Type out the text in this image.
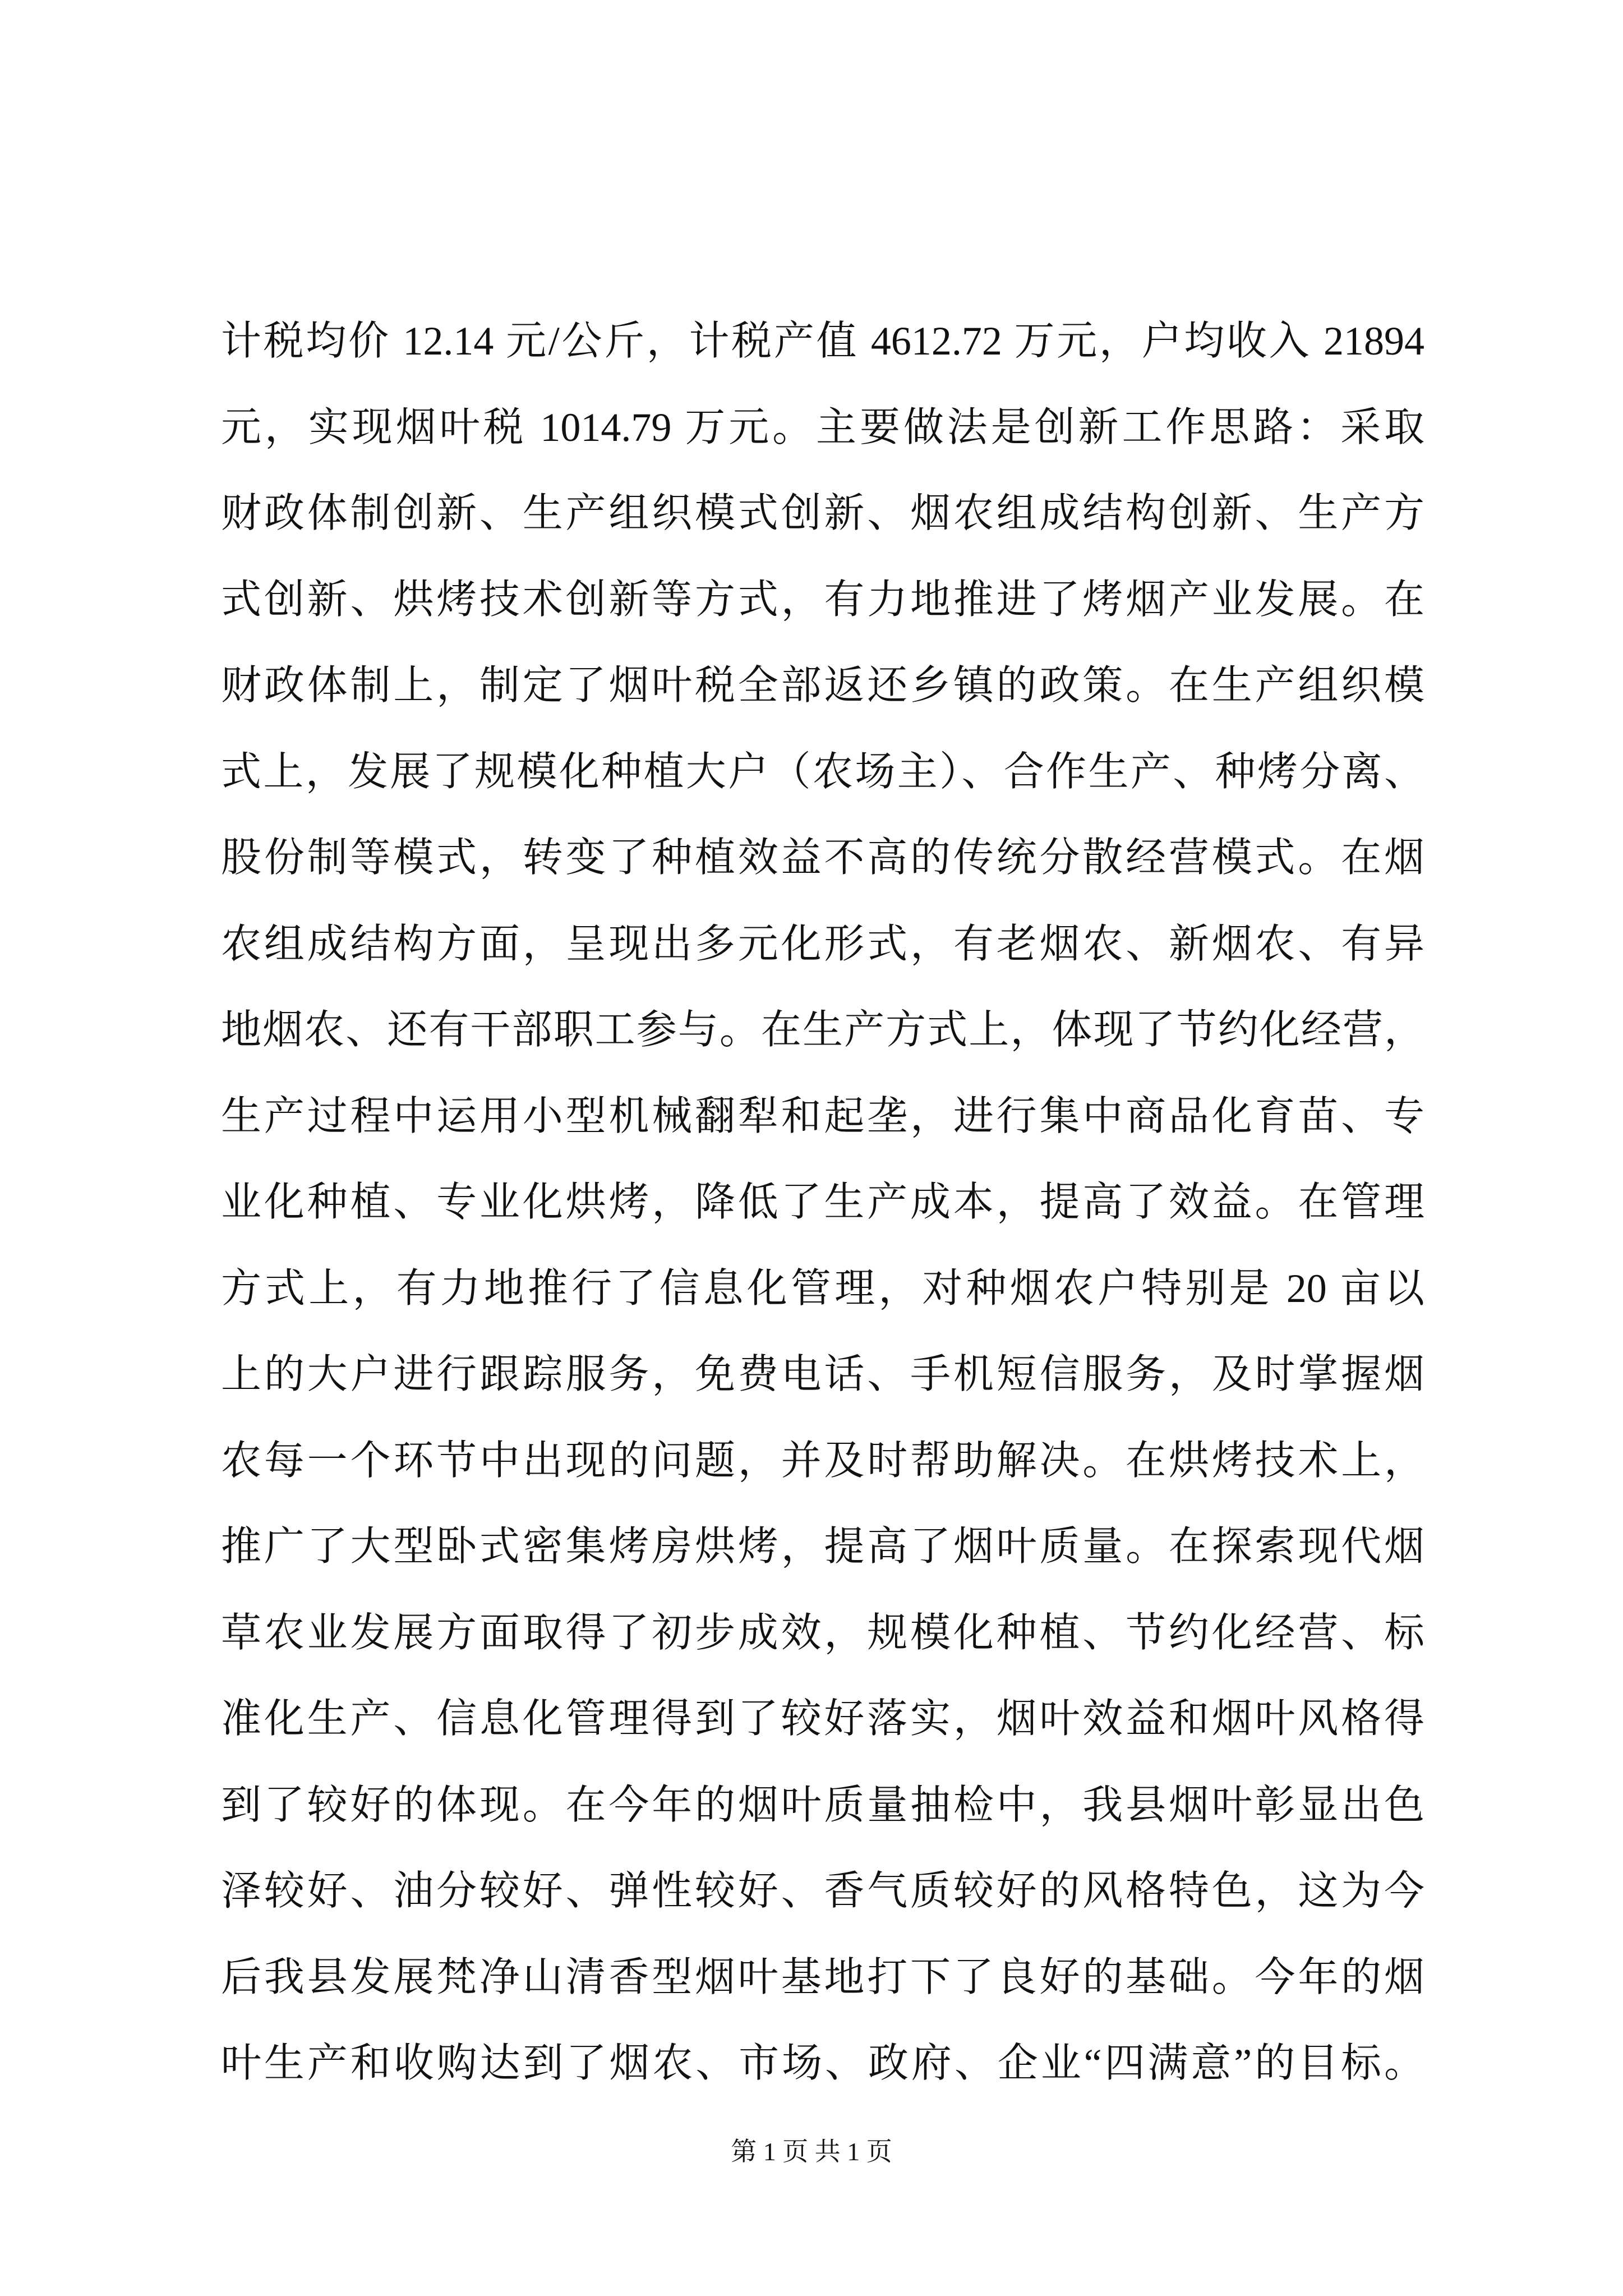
计税均价 12.14 元/公斤，计税产值 4612.72 万元，户均收入 21894
元，实现烟叶税 1014.79 万元。主要做法是创新工作思路：采取
财政体制创新、生产组织模式创新、烟农组成结构创新、生产方
式创新、烘烤技术创新等方式，有力地推进了烤烟产业发展。在
财政体制上，制定了烟叶税全部返还乡镇的政策。在生产组织模
式上，发展了规模化种植大户（农场主）、合作生产、种烤分离、
股份制等模式，转变了种植效益不高的传统分散经营模式。在烟
农组成结构方面，呈现出多元化形式，有老烟农、新烟农、有异
地烟农、还有干部职工参与。在生产方式上，体现了节约化经营，
生产过程中运用小型机械翻犁和起垄，进行集中商品化育苗、专
业化种植、专业化烘烤，降低了生产成本，提高了效益。在管理
方式上，有力地推行了信息化管理，对种烟农户特别是 20 亩以
上的大户进行跟踪服务，免费电话、手机短信服务，及时掌握烟
农每一个环节中出现的问题，并及时帮助解决。在烘烤技术上，
推广了大型卧式密集烤房烘烤，提高了烟叶质量。在探索现代烟
草农业发展方面取得了初步成效，规模化种植、节约化经营、标
准化生产、信息化管理得到了较好落实，烟叶效益和烟叶风格得
到了较好的体现。在今年的烟叶质量抽检中，我县烟叶彰显出色
泽较好、油分较好、弹性较好、香气质较好的风格特色，这为今
后我县发展梵净山清香型烟叶基地打下了良好的基础。今年的烟
叶生产和收购达到了烟农、市场、政府、企业“四满意”的目标。
第 1 页 共 1 页
